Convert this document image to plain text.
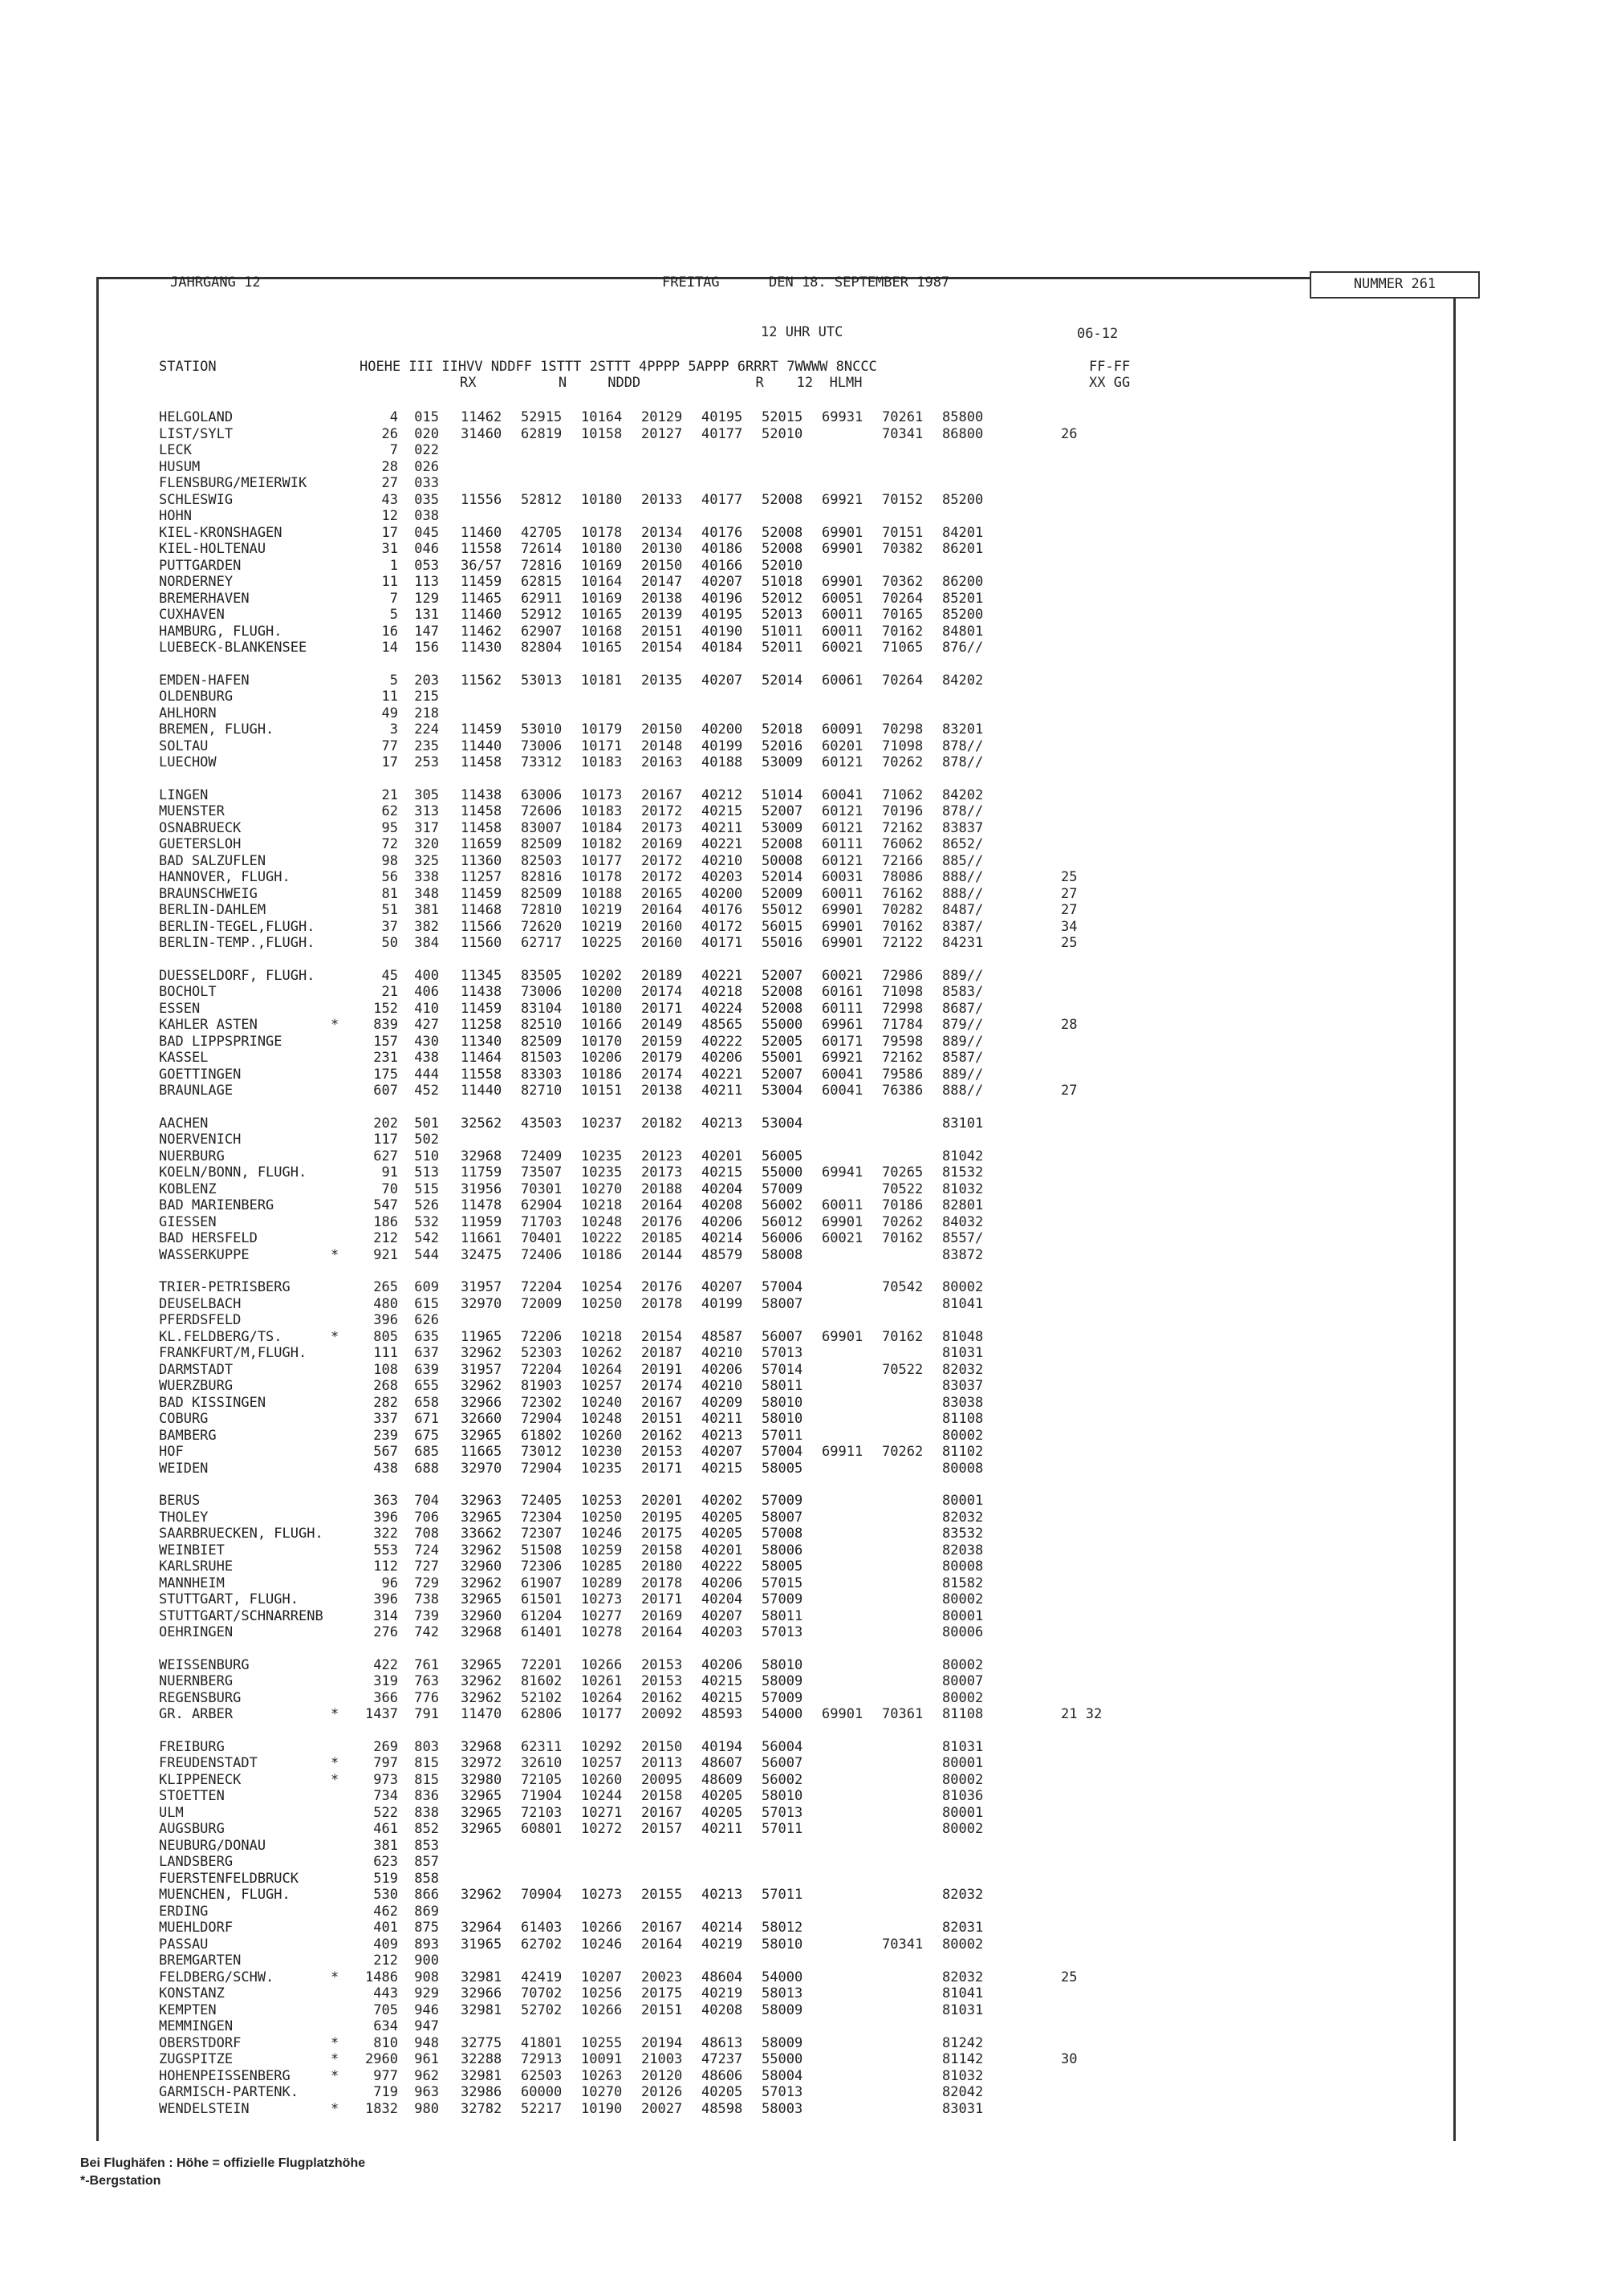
JAHRGANG 12	FREITAG	DEN 18. SEPTEMBER 1987	NUMMER 261
12 UHR UTC	06-12
STATION	HOEHE III IIHVV NDDFF 1STTT 2STTT 4PPPP 5APPP 6RRRT 7WWWW 8NCCC
RX          N     NDDD              R    12  HLMH
FF-FF
XX GG
HELGOLAND	4	015 11462 52915 10164 20129 40195 52015 69931 70261 85800
LIST/SYLT	26	020 31460 62819 10158 20127 40177 52010	70341 86800	26
LECK	7	022
HUSUM	28	026
FLENSBURG/MEIERWIK	27	033
SCHLESWIG	43	035 11556 52812 10180 20133 40177 52008 69921 70152 85200
HOHN	12	038
KIEL-KRONSHAGEN	17	045 11460 42705 10178 20134 40176 52008 69901 70151 84201
KIEL-HOLTENAU	31	046 11558 72614 10180 20130 40186 52008 69901 70382 86201
PUTTGARDEN	1	053 36/57 72816 10169 20150 40166 52010
NORDERNEY	11	113 11459 62815 10164 20147 40207 51018 69901 70362 86200
BREMERHAVEN	7	129 11465 62911 10169 20138 40196 52012 60051 70264 85201
CUXHAVEN	5	131 11460 52912 10165 20139 40195 52013 60011 70165 85200
HAMBURG, FLUGH.	16	147 11462 62907 10168 20151 40190 51011 60011 70162 84801
LUEBECK-BLANKENSEE	14	156 11430 82804 10165 20154 40184 52011 60021 71065 876//
EMDEN-HAFEN	5	203 11562 53013 10181 20135 40207 52014 60061 70264 84202
OLDENBURG	11	215
AHLHORN	49	218
BREMEN, FLUGH.	3	224 11459 53010 10179 20150 40200 52018 60091 70298 83201
SOLTAU	77	235 11440 73006 10171 20148 40199 52016 60201 71098 878//
LUECHOW	17	253 11458 73312 10183 20163 40188 53009 60121 70262 878//
LINGEN	21	305 11438 63006 10173 20167 40212 51014 60041 71062 84202
MUENSTER	62	313 11458 72606 10183 20172 40215 52007 60121 70196 878//
OSNABRUECK	95	317 11458 83007 10184 20173 40211 53009 60121 72162 83837
GUETERSLOH	72	320 11659 82509 10182 20169 40221 52008 60111 76062 8652/
BAD SALZUFLEN	98	325 11360 82503 10177 20172 40210 50008 60121 72166 885//
HANNOVER, FLUGH.	56	338 11257 82816 10178 20172 40203 52014 60031 78086 888//	25
BRAUNSCHWEIG	81	348 11459 82509 10188 20165 40200 52009 60011 76162 888//	27
BERLIN-DAHLEM	51	381 11468 72810 10219 20164 40176 55012 69901 70282 8487/	27
BERLIN-TEGEL,FLUGH.	37	382 11566 72620 10219 20160 40172 56015 69901 70162 8387/	34
BERLIN-TEMP.,FLUGH.	50	384 11560 62717 10225 20160 40171 55016 69901 72122 84231	25
DUESSELDORF, FLUGH.	45	400 11345 83505 10202 20189 40221 52007 60021 72986 889//
BOCHOLT	21	406 11438 73006 10200 20174 40218 52008 60161 71098 8583/
ESSEN	152	410 11459 83104 10180 20171 40224 52008 60111 72998 8687/
KAHLER ASTEN	*	839	427 11258 82510 10166 20149 48565 55000 69961 71784 879//	28
BAD LIPPSPRINGE	157	430 11340 82509 10170 20159 40222 52005 60171 79598 889//
KASSEL	231	438 11464 81503 10206 20179 40206 55001 69921 72162 8587/
GOETTINGEN	175	444 11558 83303 10186 20174 40221 52007 60041 79586 889//
BRAUNLAGE	607	452 11440 82710 10151 20138 40211 53004 60041 76386 888//	27
AACHEN	202	501 32562 43503 10237 20182 40213 53004	83101
NOERVENICH	117	502
NUERBURG	627	510 32968 72409 10235 20123 40201 56005	81042
KOELN/BONN, FLUGH.	91	513 11759 73507 10235 20173 40215 55000 69941 70265 81532
KOBLENZ	70	515 31956 70301 10270 20188 40204 57009	70522 81032
BAD MARIENBERG	547	526 11478 62904 10218 20164 40208 56002 60011 70186 82801
GIESSEN	186	532 11959 71703 10248 20176 40206 56012 69901 70262 84032
BAD HERSFELD	212	542 11661 70401 10222 20185 40214 56006 60021 70162 8557/
WASSERKUPPE	*	921	544 32475 72406 10186 20144 48579 58008	83872
TRIER-PETRISBERG	265	609 31957 72204 10254 20176 40207 57004	70542 80002
DEUSELBACH	480	615 32970 72009 10250 20178 40199 58007	81041
PFERDSFELD	396	626
KL.FELDBERG/TS.	*	805	635 11965 72206 10218 20154 48587 56007 69901 70162 81048
FRANKFURT/M,FLUGH.	111	637 32962 52303 10262 20187 40210 57013	81031
DARMSTADT	108	639 31957 72204 10264 20191 40206 57014	70522 82032
WUERZBURG	268	655 32962 81903 10257 20174 40210 58011	83037
BAD KISSINGEN	282	658 32966 72302 10240 20167 40209 58010	83038
COBURG	337	671 32660 72904 10248 20151 40211 58010	81108
BAMBERG	239	675 32965 61802 10260 20162 40213 57011	80002
HOF	567	685 11665 73012 10230 20153 40207 57004 69911 70262 81102
WEIDEN	438	688 32970 72904 10235 20171 40215 58005	80008
BERUS	363	704 32963 72405 10253 20201 40202 57009	80001
THOLEY	396	706 32965 72304 10250 20195 40205 58007	82032
SAARBRUECKEN, FLUGH.	322	708 33662 72307 10246 20175 40205 57008	83532
WEINBIET	553	724 32962 51508 10259 20158 40201 58006	82038
KARLSRUHE	112	727 32960 72306 10285 20180 40222 58005	80008
MANNHEIM	96	729 32962 61907 10289 20178 40206 57015	81582
STUTTGART, FLUGH.	396	738 32965 61501 10273 20171 40204 57009	80002
STUTTGART/SCHNARRENB	314	739 32960 61204 10277 20169 40207 58011	80001
OEHRINGEN	276	742 32968 61401 10278 20164 40203 57013	80006
WEISSENBURG	422	761 32965 72201 10266 20153 40206 58010	80002
NUERNBERG	319	763 32962 81602 10261 20153 40215 58009	80007
REGENSBURG	366	776 32962 52102 10264 20162 40215 57009	80002
GR. ARBER	*	1437	791 11470 62806 10177 20092 48593 54000 69901 70361 81108	21 32
FREIBURG	269	803 32968 62311 10292 20150 40194 56004	81031
FREUDENSTADT	*	797	815 32972 32610 10257 20113 48607 56007	80001
KLIPPENECK	*	973	815 32980 72105 10260 20095 48609 56002	80002
STOETTEN	734	836 32965 71904 10244 20158 40205 58010	81036
ULM	522	838 32965 72103 10271 20167 40205 57013	80001
AUGSBURG	461	852 32965 60801 10272 20157 40211 57011	80002
NEUBURG/DONAU	381	853
LANDSBERG	623	857
FUERSTENFELDBRUCK	519	858
MUENCHEN, FLUGH.	530	866 32962 70904 10273 20155 40213 57011	82032
ERDING	462	869
MUEHLDORF	401	875 32964 61403 10266 20167 40214 58012	82031
PASSAU	409	893 31965 62702 10246 20164 40219 58010	70341 80002
BREMGARTEN	212	900
FELDBERG/SCHW.	*	1486	908 32981 42419 10207 20023 48604 54000	82032	25
KONSTANZ	443	929 32966 70702 10256 20175 40219 58013	81041
KEMPTEN	705	946 32981 52702 10266 20151 40208 58009	81031
MEMMINGEN	634	947
OBERSTDORF	*	810	948 32775 41801 10255 20194 48613 58009	81242
ZUGSPITZE	*	2960	961 32288 72913 10091 21003 47237 55000	81142	30
HOHENPEISSENBERG	*	977	962 32981 62503 10263 20120 48606 58004	81032
GARMISCH-PARTENK.	719	963 32986 60000 10270 20126 40205 57013	82042
WENDELSTEIN	*	1832	980 32782 52217 10190 20027 48598 58003	83031
Bei Flughäfen : Höhe = offizielle Flugplatzhöhe
*-Bergstation
